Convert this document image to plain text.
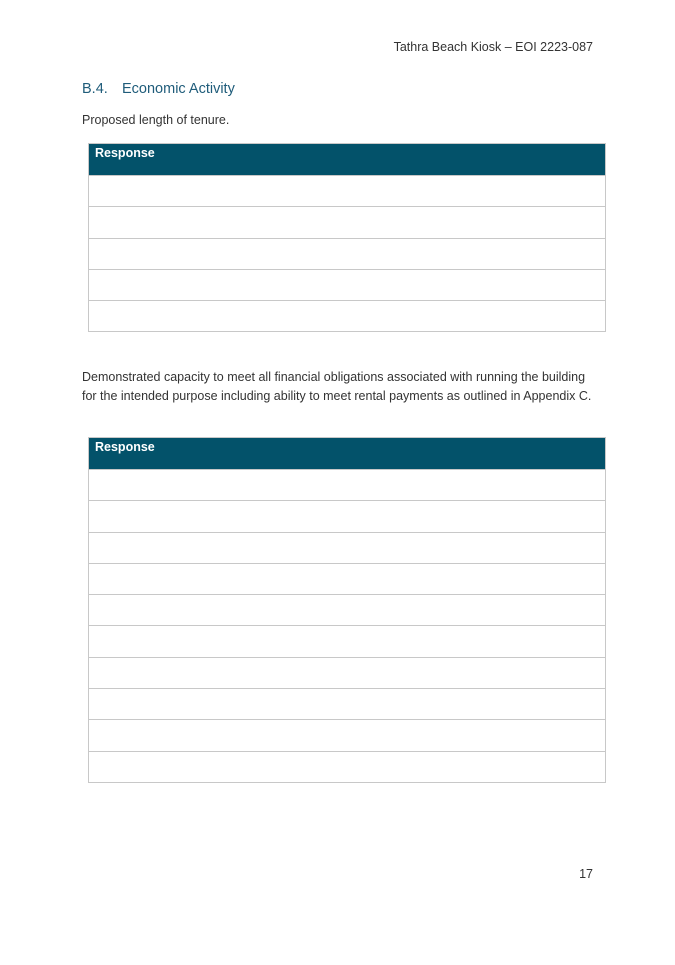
Tathra Beach Kiosk – EOI 2223-087
B.4. Economic Activity
Proposed length of tenure.
Response
Demonstrated capacity to meet all financial obligations associated with running the building for the intended purpose including ability to meet rental payments as outlined in Appendix C.
Response
17
